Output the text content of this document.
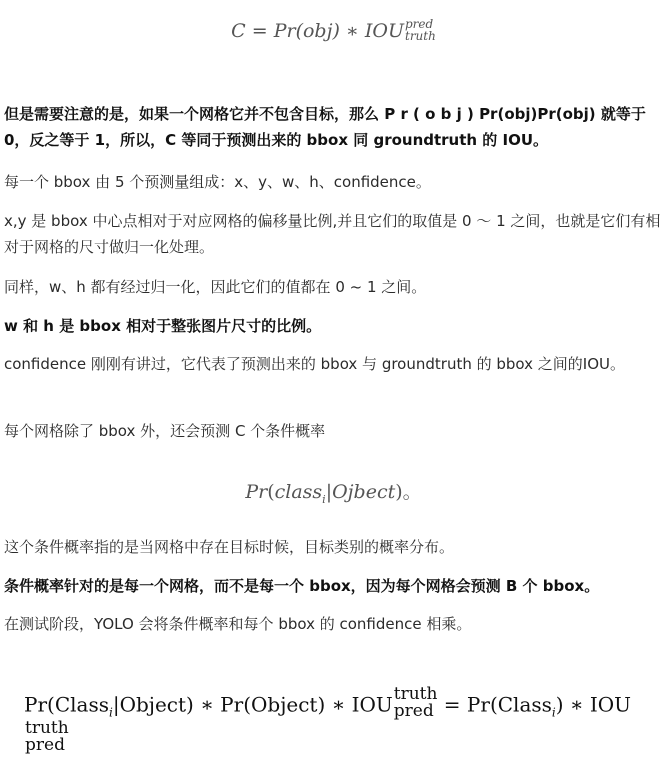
C = Pr(obj) ∗ IOU pred
truth

但是需要注意的是，如果一个网格它并不包含目标，那么 P r ( o b j ) Pr(obj)Pr(obj) 就等于 0，反之等于 1，所以，C 等同于预测出来的 bbox 同 groundtruth 的 IOU。

每一个 bbox 由 5 个预测量组成：x、y、w、h、confidence。

x,y 是 bbox 中心点相对于对应网格的偏移量比例,并且它们的取值是 0 ～ 1 之间，也就是它们有相对于网格的尺寸做归一化处理。

同样，w、h 都有经过归一化，因此它们的值都在 0 ~ 1 之间。

w 和 h 是 bbox 相对于整张图片尺寸的比例。

confidence 刚刚有讲过，它代表了预测出来的 bbox 与 groundtruth 的 bbox 之间的IOU。

每个网格除了 bbox 外，还会预测 C 个条件概率

Pr(class$_i$|Ojbect)。

这个条件概率指的是当网格中存在目标时候，目标类别的概率分布。

条件概率针对的是每一个网格，而不是每一个 bbox，因为每个网格会预测 B 个 bbox。

在测试阶段，YOLO 会将条件概率和每个 bbox 的 confidence 相乘。

Pr(Class$_i$|Object) ∗ Pr(Object) ∗ IOU truth
pred = Pr(Class$_i$) ∗ IOU
truth
pred
